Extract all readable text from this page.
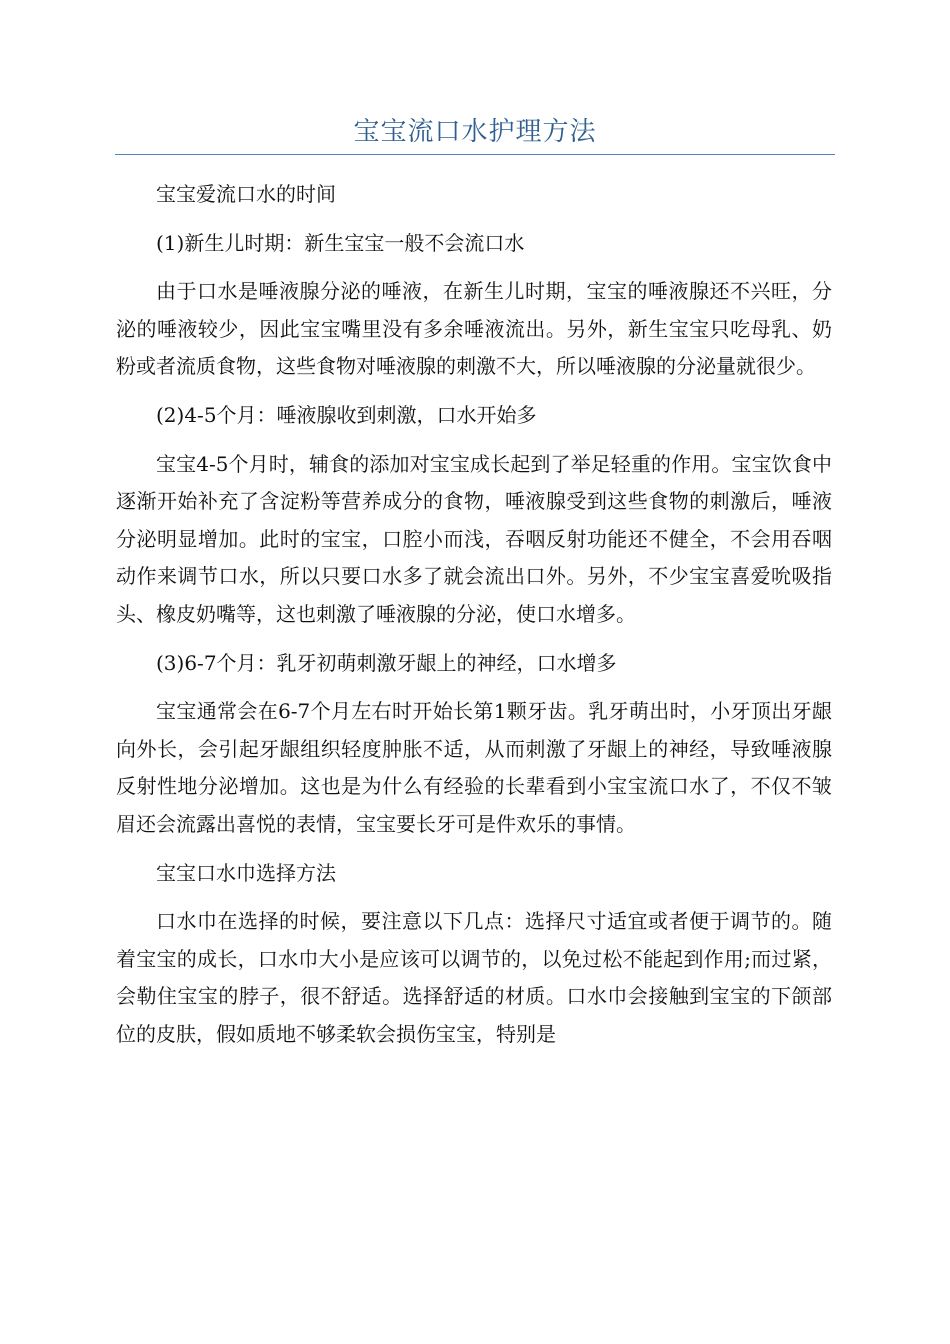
宝宝流口水护理方法

宝宝爱流口水的时间

(1)新生儿时期：新生宝宝一般不会流口水

由于口水是唾液腺分泌的唾液，在新生儿时期，宝宝的唾液腺还不兴旺，分泌的唾液较少，因此宝宝嘴里没有多余唾液流出。另外，新生宝宝只吃母乳、奶粉或者流质食物，这些食物对唾液腺的刺激不大，所以唾液腺的分泌量就很少。

(2)4-5个月：唾液腺收到刺激，口水开始多

宝宝4-5个月时，辅食的添加对宝宝成长起到了举足轻重的作用。宝宝饮食中逐渐开始补充了含淀粉等营养成分的食物，唾液腺受到这些食物的刺激后，唾液分泌明显增加。此时的宝宝，口腔小而浅，吞咽反射功能还不健全，不会用吞咽动作来调节口水，所以只要口水多了就会流出口外。另外，不少宝宝喜爱吮吸指头、橡皮奶嘴等，这也刺激了唾液腺的分泌，使口水增多。

(3)6-7个月：乳牙初萌刺激牙龈上的神经，口水增多

宝宝通常会在6-7个月左右时开始长第1颗牙齿。乳牙萌出时，小牙顶出牙龈向外长，会引起牙龈组织轻度肿胀不适，从而刺激了牙龈上的神经，导致唾液腺反射性地分泌增加。这也是为什么有经验的长辈看到小宝宝流口水了，不仅不皱眉还会流露出喜悦的表情，宝宝要长牙可是件欢乐的事情。

宝宝口水巾选择方法

口水巾在选择的时候，要注意以下几点：选择尺寸适宜或者便于调节的。随着宝宝的成长，口水巾大小是应该可以调节的，以免过松不能起到作用;而过紧，会勒住宝宝的脖子，很不舒适。选择舒适的材质。口水巾会接触到宝宝的下颌部位的皮肤，假如质地不够柔软会损伤宝宝，特别是
